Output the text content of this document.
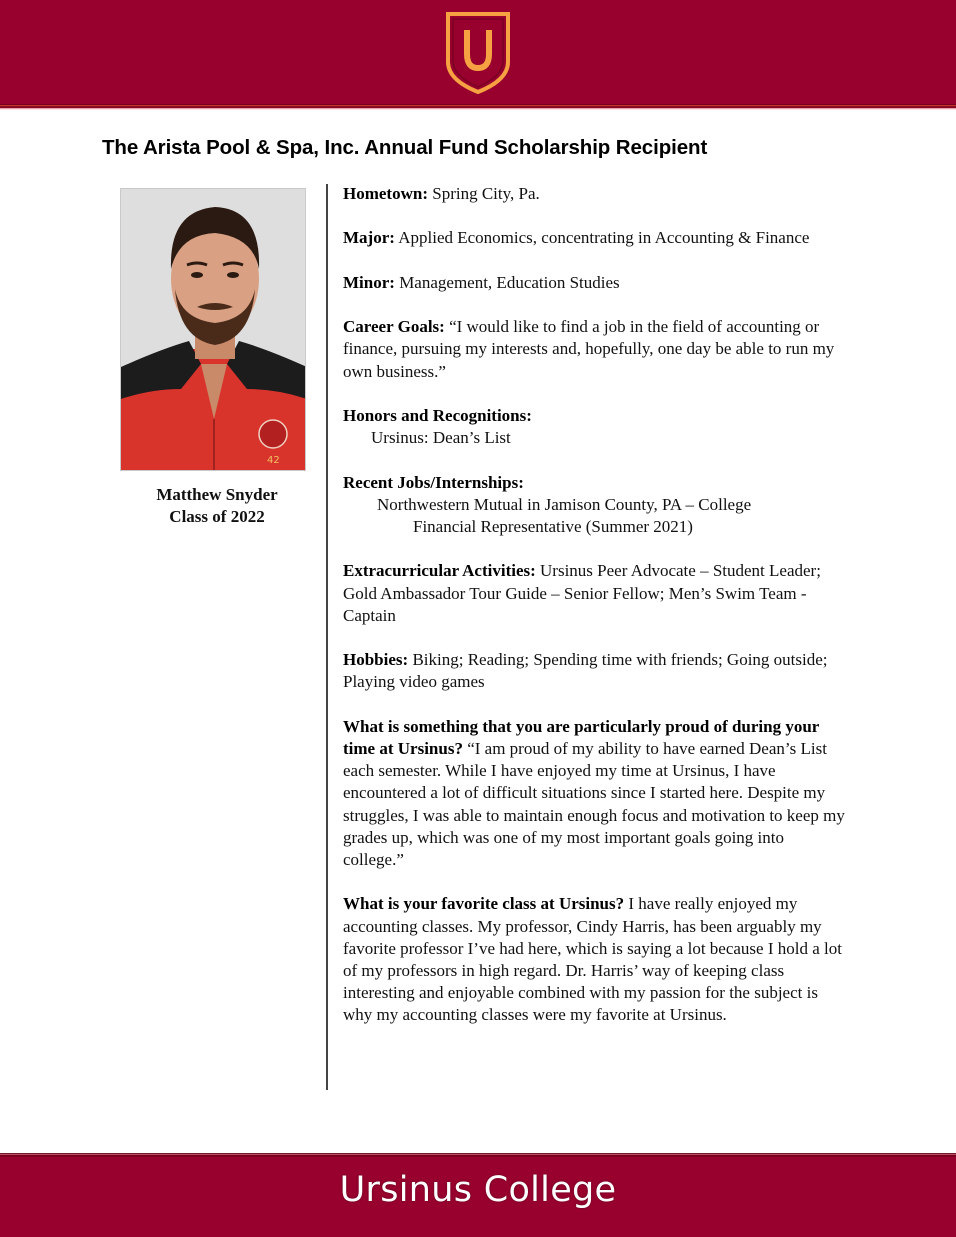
The Arista Pool & Spa, Inc. Annual Fund Scholarship Recipient
42
Matthew Snyder
Class of 2022

Hometown: Spring City, Pa.

Major: Applied Economics, concentrating in Accounting & Finance

Minor: Management, Education Studies

Career Goals: “I would like to find a job in the field of accounting or finance, pursuing my interests and, hopefully, one day be able to run my own business.”

Honors and Recognitions:
Ursinus: Dean’s List

Recent Jobs/Internships:
Northwestern Mutual in Jamison County, PA – College
Financial Representative (Summer 2021)

Extracurricular Activities: Ursinus Peer Advocate – Student Leader; Gold Ambassador Tour Guide – Senior Fellow; Men’s Swim Team - Captain

Hobbies: Biking; Reading; Spending time with friends; Going outside; Playing video games

What is something that you are particularly proud of during your time at Ursinus? “I am proud of my ability to have earned Dean’s List each semester. While I have enjoyed my time at Ursinus, I have encountered a lot of difficult situations since I started here. Despite my struggles, I was able to maintain enough focus and motivation to keep my grades up, which was one of my most important goals going into college.”

What is your favorite class at Ursinus? I have really enjoyed my accounting classes. My professor, Cindy Harris, has been arguably my favorite professor I’ve had here, which is saying a lot because I hold a lot of my professors in high regard. Dr. Harris’ way of keeping class interesting and enjoyable combined with my passion for the subject is why my accounting classes were my favorite at Ursinus.

Ursinus College
